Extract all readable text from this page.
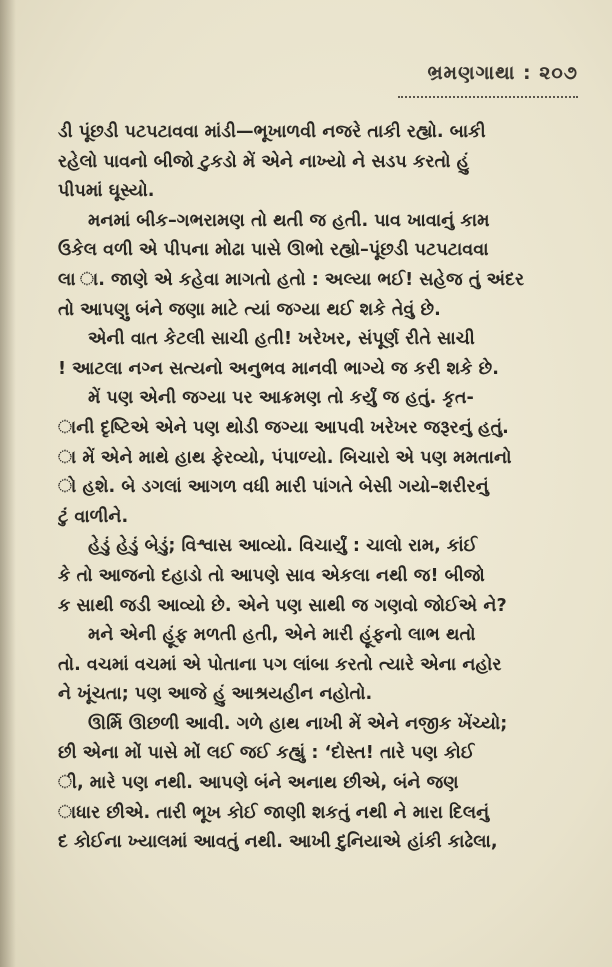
ભ્રમણગાથા : ૨૦૭
ડી પૂંછડી પટપટાવવા માંડી—ભૂખાળવી નજરે તાકી રહ્યો. બાકી
રહેલો પાવનો બીજો ટુકડો મેં એને નાખ્યો ને સડપ કરતો હું
પીપમાં ઘૂસ્યો.
મનમાં બીક–ગભરામણ તો થતી જ હતી. પાવ ખાવાનું કામ
ઉકેલ વળી એ પીપના મોઢા પાસે ઊભો રહ્યો–પૂંછડી પટપટાવવા
લા ા. જાણે એ કહેવા માગતો હતો : અલ્યા ભઈ! સહેજ તું અંદર
તો આપણુ બંને જણા માટે ત્યાં જગ્યા થઈ શકે તેવું છે.
એની વાત કેટલી સાચી હતી! ખરેખર, સંપૂર્ણ રીતે સાચી
! આટલા નગ્ન સત્યનો અનુભવ માનવી ભાગ્યે જ કરી શકે છે.
મેં પણ એની જગ્યા પર આક્રમણ તો કર્યું જ હતું. કૃત-
ાની દૃષ્ટિએ એને પણ થોડી જગ્યા આપવી ખરેખર જરૂરનું હતું.
ા મેં એને માથે હાથ ફેરવ્યો, પંપાળ્યો. બિચારો એ પણ મમતાનો
ો હશે. બે ડગલાં આગળ વધી મારી પાંગતે બેસી ગયો–શરીરનું
ટુંં વાળીને.
હેડું હેડું બેડું; વિશ્વાસ આવ્યો. વિચાર્યું : ચાલો રામ, કાંઈ
કે તો આજનો દહાડો તો આપણે સાવ એકલા નથી જ! બીજો
ક સાથી જડી આવ્યો છે. એને પણ સાથી જ ગણવો જોઈએ ને?
મને એની હૂંફ મળતી હતી, એને મારી હૂંફનો લાભ થતો
તો. વચમાં વચમાં એ પોતાના પગ લાંબા કરતો ત્યારે એના નહોર
ને ખૂંચતા; પણ આજે હું આશ્રયહીન નહોતો.
ઊર્મિ ઊછળી આવી. ગળે હાથ નાખી મેં એને નજીક ખેંચ્યો;
છી એના મોં પાસે મોં લઈ જઈ કહ્યું : ‘દોસ્ત! તારે પણ કોઈ
ી, મારે પણ નથી. આપણે બંને અનાથ છીએ, બંને જણ
ાધાર છીએ. તારી ભૂખ કોઈ જાણી શકતું નથી ને મારા દિલનું
દ કોઈના ખ્યાલમાં આવતું નથી. આખી દુનિયાએ હાંકી કાઢેલા,
